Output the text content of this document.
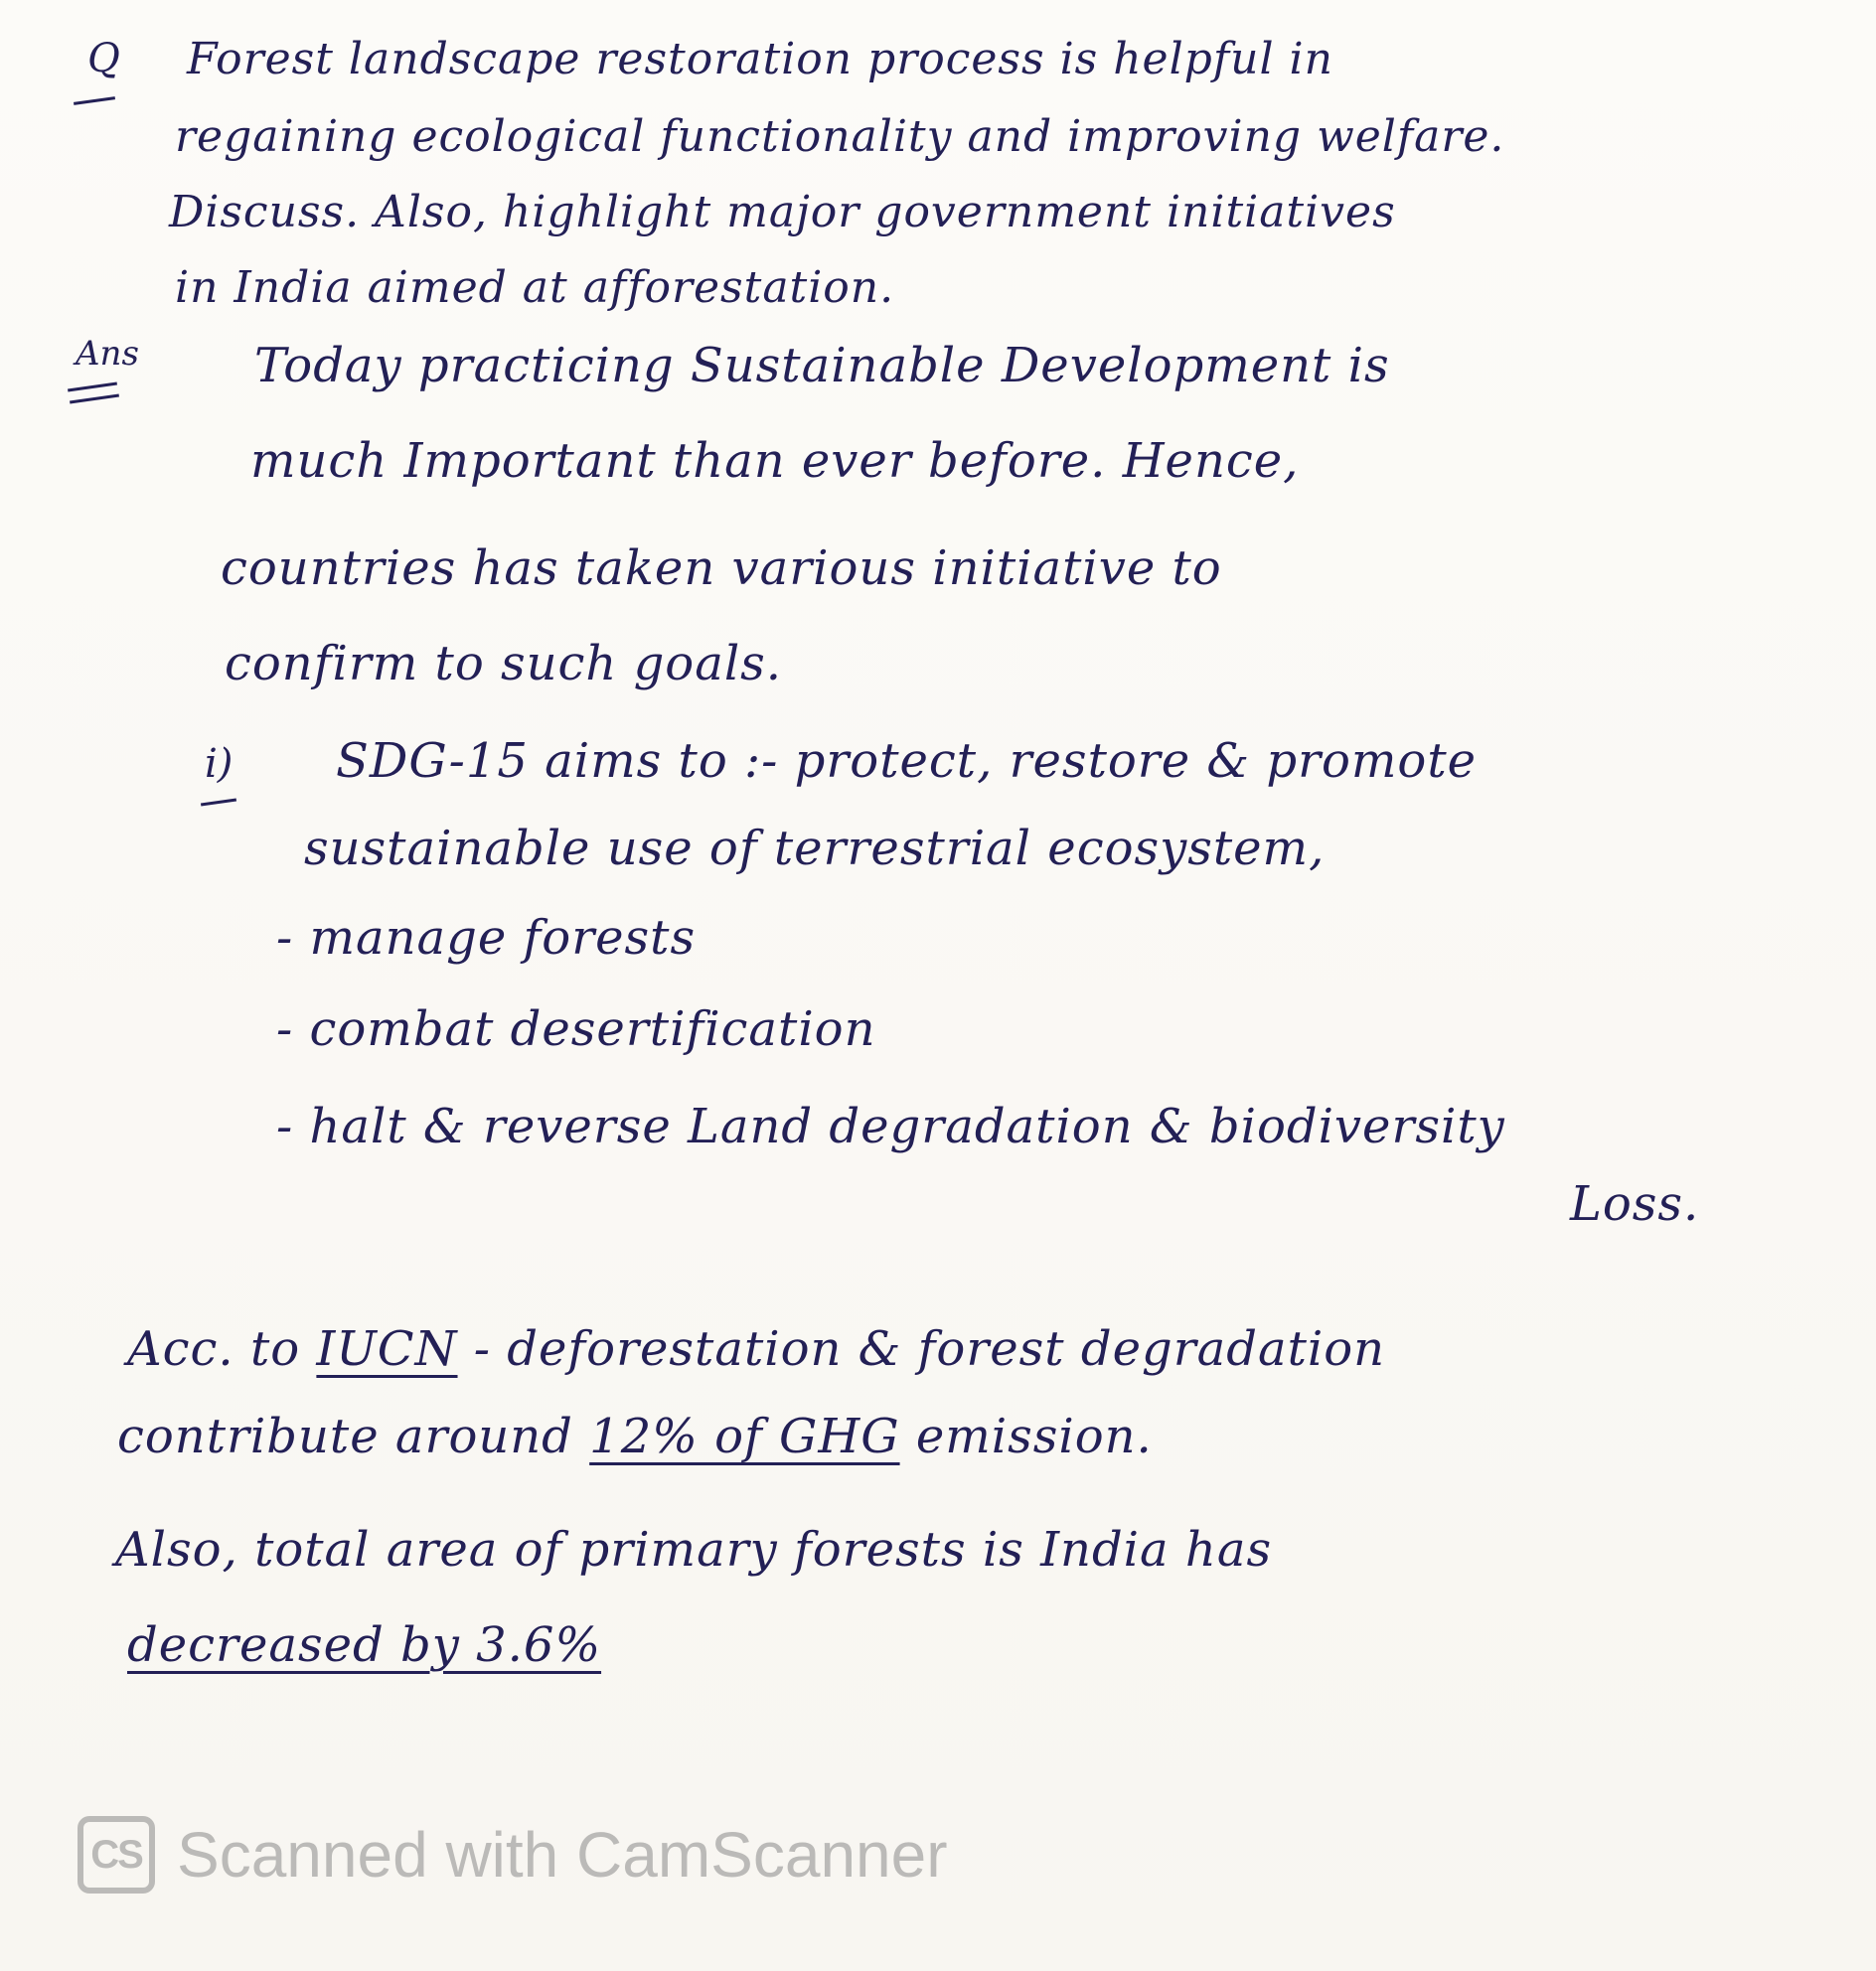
Q Forest landscape restoration process is helpful in
regaining ecological functionality and improving welfare.
Discuss. Also, highlight major government initiatives
in India aimed at afforestation.
Ans Today practicing Sustainable Development is
much Important than ever before. Hence,
countries has taken various initiative to
confirm to such goals.
i) SDG-15 aims to :- protect, restore & promote
sustainable use of terrestrial ecosystem,
- manage forests
- combat desertification
- halt & reverse Land degradation & biodiversity
Loss.
Acc. to IUCN - deforestation & forest degradation
contribute around 12% of GHG emission.
Also, total area of primary forests is India has
decreased by 3.6%
CS Scanned with CamScanner
